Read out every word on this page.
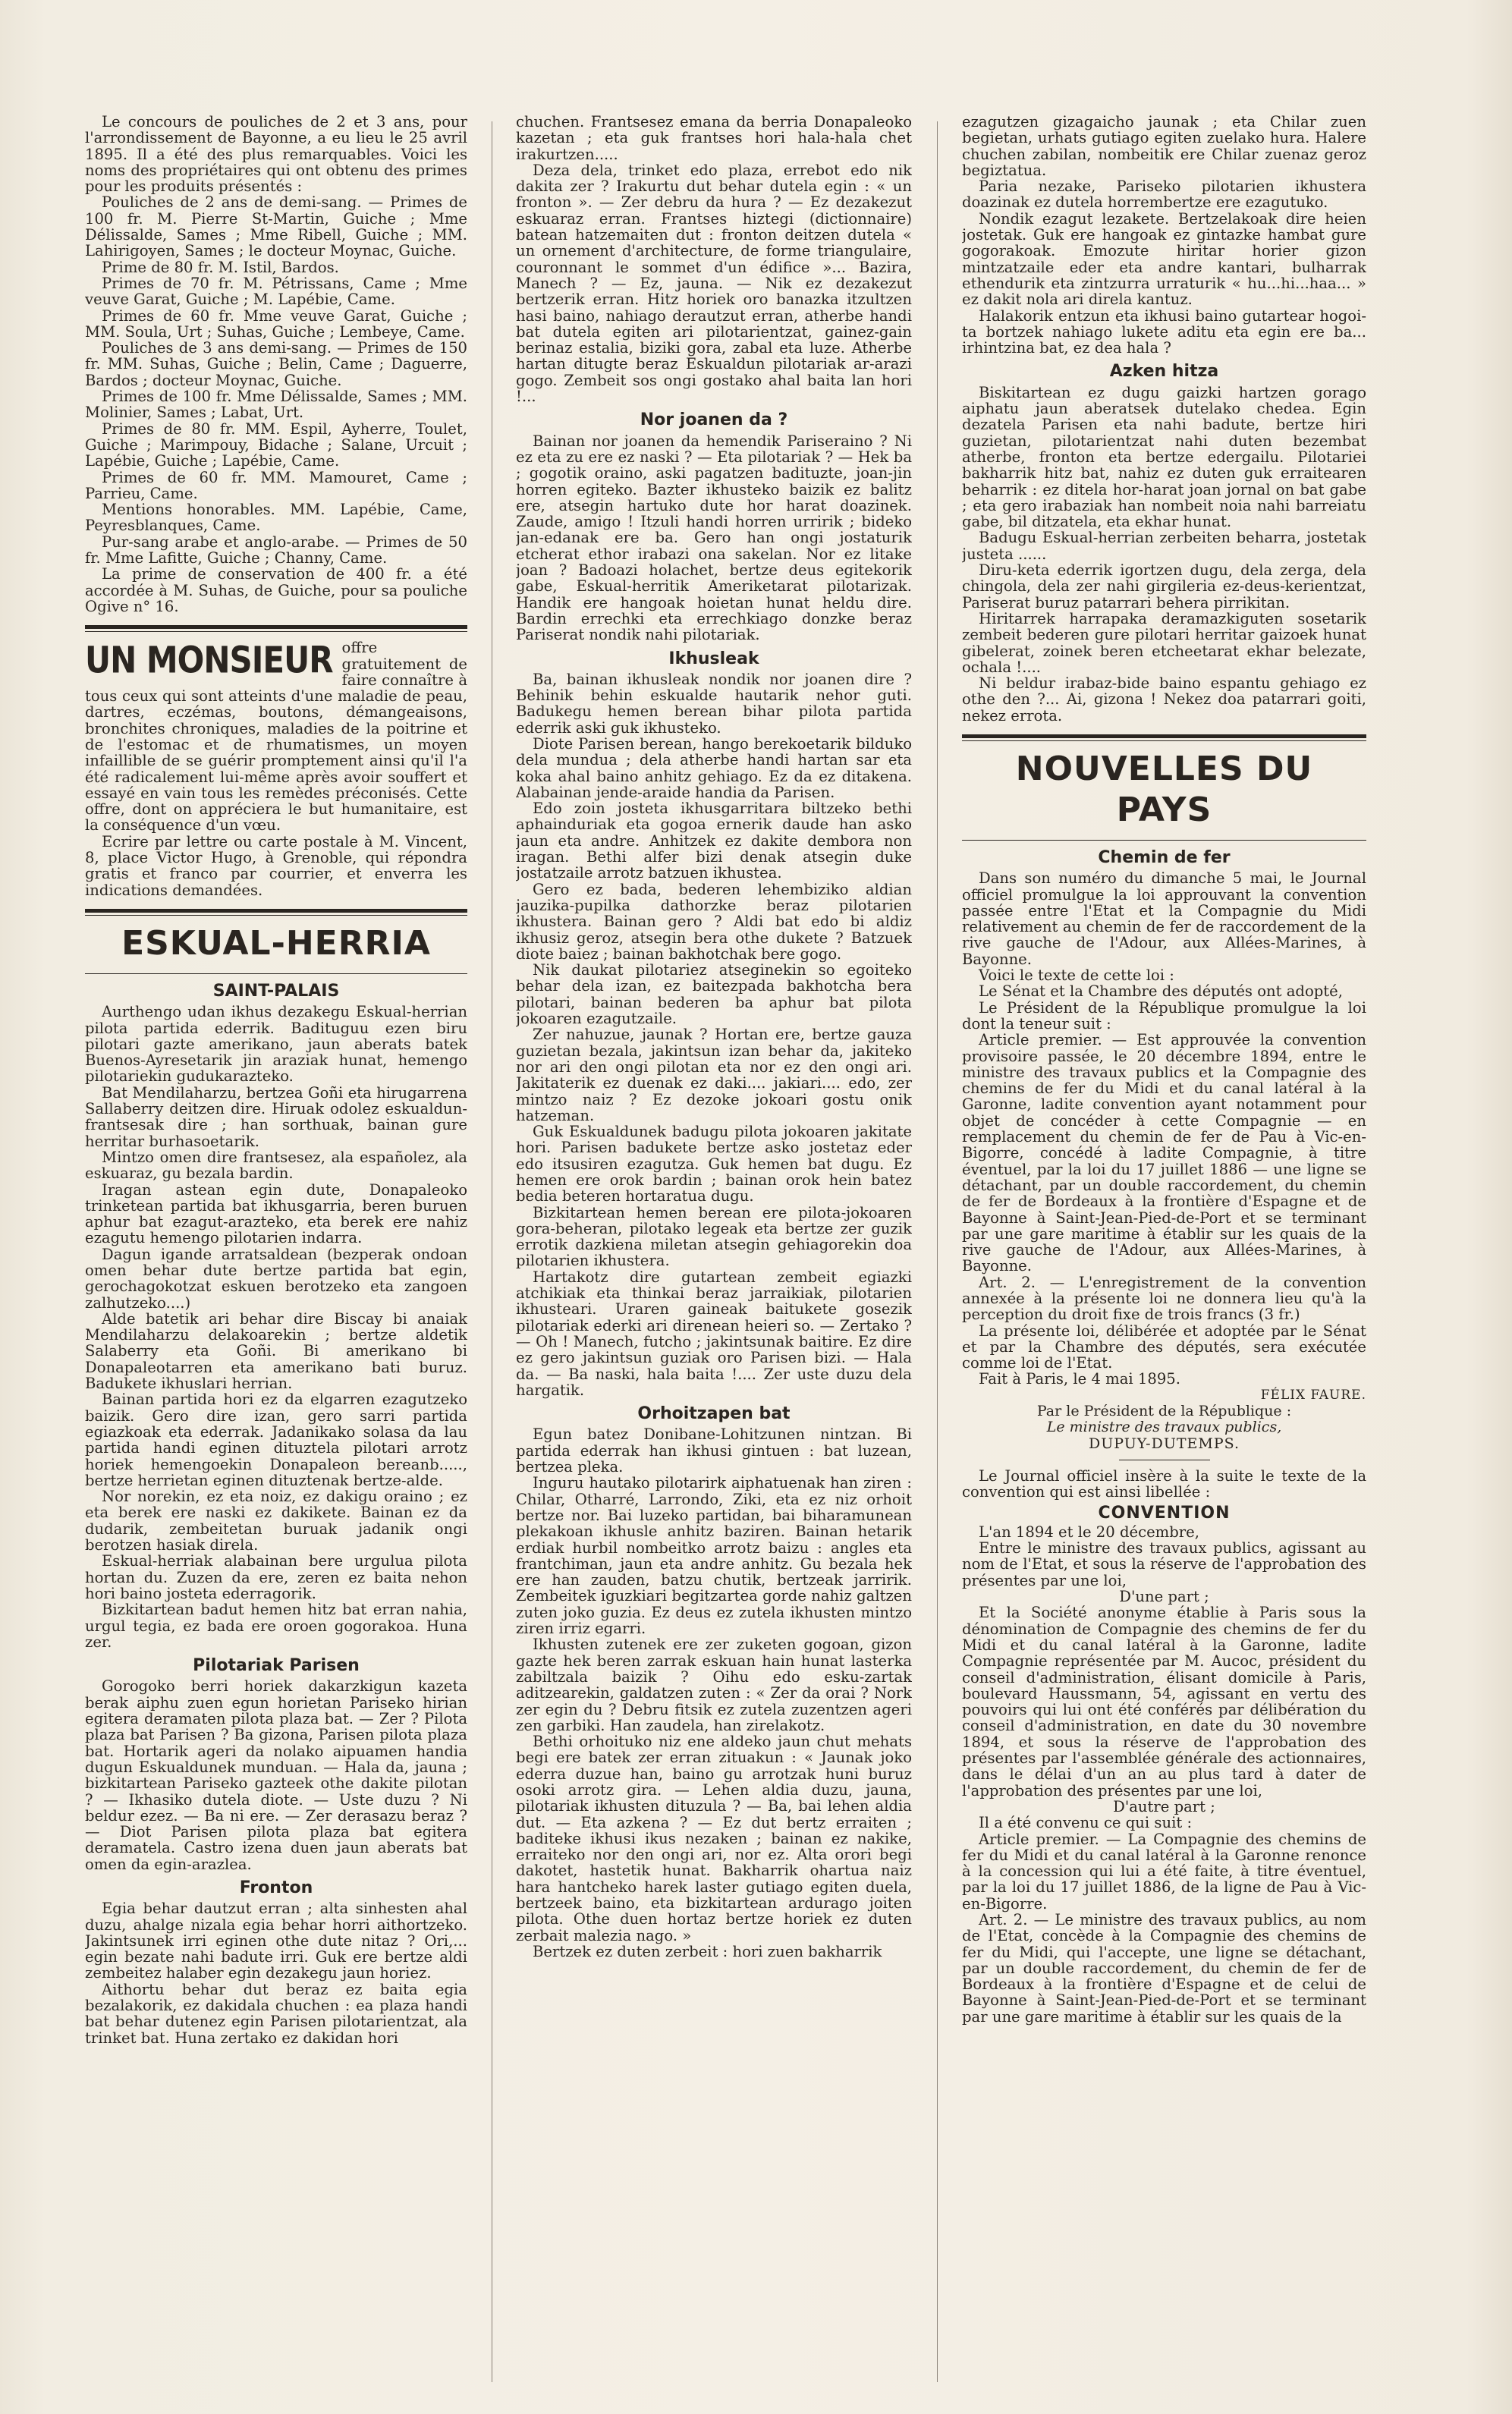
Le concours de pouliches de 2 et 3 ans, pour l'arrondissement de Bayonne, a eu lieu le 25 avril 1895. Il a été des plus remarquables. Voici les noms des propriétaires qui ont obtenu des primes pour les produits présentés :

Pouliches de 2 ans de demi-sang. — Primes de 100 fr. M. Pierre St-Martin, Guiche ; Mme Délissalde, Sames ; Mme Ribell, Guiche ; MM. Lahirigoyen, Sames ; le docteur Moynac, Guiche.

Prime de 80 fr. M. Istil, Bardos.

Primes de 70 fr. M. Pétrissans, Came ; Mme veuve Garat, Guiche ; M. Lapébie, Came.

Primes de 60 fr. Mme veuve Garat, Guiche ; MM. Soula, Urt ; Suhas, Guiche ; Lembeye, Came.

Pouliches de 3 ans demi-sang. — Primes de 150 fr. MM. Suhas, Guiche ; Belin, Came ; Daguerre, Bardos ; docteur Moynac, Guiche.

Primes de 100 fr. Mme Délissalde, Sames ; MM. Molinier, Sames ; Labat, Urt.

Primes de 80 fr. MM. Espil, Ayherre, Toulet, Guiche ; Marimpouy, Bidache ; Salane, Urcuit ; Lapébie, Guiche ; Lapébie, Came.

Primes de 60 fr. MM. Mamouret, Came ; Parrieu, Came.

Mentions honorables. MM. Lapébie, Came, Peyresblanques, Came.

Pur-sang arabe et anglo-arabe. — Primes de 50 fr. Mme Lafitte, Guiche ; Channy, Came.

La prime de conservation de 400 fr. a été accordée à M. Suhas, de Guiche, pour sa pouliche Ogive n° 16.

UN MONSIEUR offre gratuitement de faire connaître à tous ceux qui sont atteints d'une maladie de peau, dartres, eczémas, boutons, démangeaisons, bronchites chroniques, maladies de la poitrine et de l'estomac et de rhumatismes, un moyen infaillible de se guérir promptement ainsi qu'il l'a été radicalement lui-même après avoir souffert et essayé en vain tous les remèdes préconisés. Cette offre, dont on appréciera le but humanitaire, est la conséquence d'un vœu.

Ecrire par lettre ou carte postale à M. Vincent, 8, place Victor Hugo, à Grenoble, qui répondra gratis et franco par courrier, et enverra les indications demandées.

ESKUAL-HERRIA
SAINT-PALAIS

Aurthengo udan ikhus dezakegu Eskual-herrian pilota partida ederrik. Badituguu ezen biru pilotari gazte amerikano, jaun aberats batek Buenos-Ayresetarik jin araziak hunat, hemengo pilotariekin gudukarazteko.

Bat Mendilaharzu, bertzea Goñi eta hirugarrena Sallaberry deitzen dire. Hiruak odolez eskualdun-frantsesak dire ; han sorthuak, bainan gure herritar burhasoetarik.

Mintzo omen dire frantsesez, ala españolez, ala eskuaraz, gu bezala bardin.

Iragan astean egin dute, Donapaleoko trinketean partida bat ikhusgarria, beren buruen aphur bat ezagut-arazteko, eta berek ere nahiz ezagutu hemengo pilotarien indarra.

Dagun igande arratsaldean (bezperak ondoan omen behar dute bertze partida bat egin, gerochagokotzat eskuen berotzeko eta zangoen zalhutzeko....)

Alde batetik ari behar dire Biscay bi anaiak Mendilaharzu delakoarekin ; bertze aldetik Salaberry eta Goñi. Bi amerikano bi Donapaleotarren eta amerikano bati buruz. Badukete ikhuslari herrian.

Bainan partida hori ez da elgarren ezagutzeko baizik. Gero dire izan, gero sarri partida egiazkoak eta ederrak. Jadanikako solasa da lau partida handi eginen dituztela pilotari arrotz horiek hemengoekin Donapaleon bereanb....., bertze herrietan eginen dituztenak bertze-alde.

Nor norekin, ez eta noiz, ez dakigu oraino ; ez eta berek ere naski ez dakikete. Bainan ez da dudarik, zembeitetan buruak jadanik ongi berotzen hasiak direla.

Eskual-herriak alabainan bere urgulua pilota hortan du. Zuzen da ere, zeren ez baita nehon hori baino josteta ederragorik.

Bizkitartean badut hemen hitz bat erran nahia, urgul tegia, ez bada ere oroen gogorakoa. Huna zer.

Pilotariak Parisen

Gorogoko berri horiek dakarzkigun kazeta berak aiphu zuen egun horietan Pariseko hirian egitera deramaten pilota plaza bat. — Zer ? Pilota plaza bat Parisen ? Ba gizona, Parisen pilota plaza bat. Hortarik ageri da nolako aipuamen handia dugun Eskualdunek munduan. — Hala da, jauna ; bizkitartean Pariseko gazteek othe dakite pilotan ? — Ikhasiko dutela diote. — Uste duzu ? Ni beldur ezez. — Ba ni ere. — Zer derasazu beraz ? — Diot Parisen pilota plaza bat egitera deramatela. Castro izena duen jaun aberats bat omen da egin-arazlea.

Fronton

Egia behar dautzut erran ; alta sinhesten ahal duzu, ahalge nizala egia behar horri aithortzeko. Jakintsunek irri eginen othe dute nitaz ? Ori,... egin bezate nahi badute irri. Guk ere bertze aldi zembeitez halaber egin dezakegu jaun horiez.

Aithortu behar dut beraz ez baita egia bezalakorik, ez dakidala chuchen : ea plaza handi bat behar dutenez egin Parisen pilotarientzat, ala trinket bat. Huna zertako ez dakidan hori

chuchen. Frantsesez emana da berria Donapaleoko kazetan ; eta guk frantses hori hala-hala chet irakurtzen.....

Deza dela, trinket edo plaza, errebot edo nik dakita zer ? Irakurtu dut behar dutela egin : « un fronton ». — Zer debru da hura ? — Ez dezakezut eskuaraz erran. Frantses hiztegi (dictionnaire) batean hatzemaiten dut : fronton deitzen dutela « un ornement d'architecture, de forme triangulaire, couronnant le sommet d'un édifice »... Bazira, Manech ? — Ez, jauna. — Nik ez dezakezut bertzerik erran. Hitz horiek oro banazka itzultzen hasi baino, nahiago derautzut erran, atherbe handi bat dutela egiten ari pilotarientzat, gainez-gain berinaz estalia, biziki gora, zabal eta luze. Atherbe hartan ditugte beraz Eskualdun pilotariak ar-arazi gogo. Zembeit sos ongi gostako ahal baita lan hori !...

Nor joanen da ?

Bainan nor joanen da hemendik Pariseraino ? Ni ez eta zu ere ez naski ? — Eta pilotariak ? — Hek ba ; gogotik oraino, aski pagatzen badituzte, joan-jin horren egiteko. Bazter ikhusteko baizik ez balitz ere, atsegin hartuko dute hor harat doazinek. Zaude, amigo ! Itzuli handi horren urririk ; bideko jan-edanak ere ba. Gero han ongi jostaturik etcherat ethor irabazi ona sakelan. Nor ez litake joan ? Badoazi holachet, bertze deus egitekorik gabe, Eskual-herritik Ameriketarat pilotarizak. Handik ere hangoak hoietan hunat heldu dire. Bardin errechki eta errechkiago donzke beraz Pariserat nondik nahi pilotariak.

Ikhusleak

Ba, bainan ikhusleak nondik nor joanen dire ? Behinik behin eskualde hautarik nehor guti. Badukegu hemen berean bihar pilota partida ederrik aski guk ikhusteko.

Diote Parisen berean, hango berekoetarik bilduko dela mundua ; dela atherbe handi hartan sar eta koka ahal baino anhitz gehiago. Ez da ez ditakena. Alabainan jende-araide handia da Parisen.

Edo zoin josteta ikhusgarritara biltzeko bethi aphainduriak eta gogoa ernerik daude han asko jaun eta andre. Anhitzek ez dakite dembora non iragan. Bethi alfer bizi denak atsegin duke jostatzaile arrotz batzuen ikhustea.

Gero ez bada, bederen lehembiziko aldian jauzika-pupilka dathorzke beraz pilotarien ikhustera. Bainan gero ? Aldi bat edo bi aldiz ikhusiz geroz, atsegin bera othe dukete ? Batzuek diote baiez ; bainan bakhotchak bere gogo.

Nik daukat pilotariez atseginekin so egoiteko behar dela izan, ez baitezpada bakhotcha bera pilotari, bainan bederen ba aphur bat pilota jokoaren ezagutzaile.

Zer nahuzue, jaunak ? Hortan ere, bertze gauza guzietan bezala, jakintsun izan behar da, jakiteko nor ari den ongi pilotan eta nor ez den ongi ari. Jakitaterik ez duenak ez daki.... jakiari.... edo, zer mintzo naiz ? Ez dezoke jokoari gostu onik hatzeman.

Guk Eskualdunek badugu pilota jokoaren jakitate hori. Parisen badukete bertze asko jostetaz eder edo itsusiren ezagutza. Guk hemen bat dugu. Ez hemen ere orok bardin ; bainan orok hein batez bedia beteren hortaratua dugu.

Bizkitartean hemen berean ere pilota-jokoaren gora-beheran, pilotako legeak eta bertze zer guzik errotik dazkiena miletan atsegin gehiagorekin doa pilotarien ikhustera.

Hartakotz dire gutartean zembeit egiazki atchikiak eta thinkai beraz jarraikiak, pilotarien ikhusteari. Uraren gaineak baitukete gosezik pilotariak ederki ari direnean heieri so. — Zertako ? — Oh ! Manech, futcho ; jakintsunak baitire. Ez dire ez gero jakintsun guziak oro Parisen bizi. — Hala da. — Ba naski, hala baita !.... Zer uste duzu dela hargatik.

Orhoitzapen bat

Egun batez Donibane-Lohitzunen nintzan. Bi partida ederrak han ikhusi gintuen : bat luzean, bertzea pleka.

Inguru hautako pilotarirk aiphatuenak han ziren : Chilar, Otharré, Larrondo, Ziki, eta ez niz orhoit bertze nor. Bai luzeko partidan, bai biharamunean plekakoan ikhusle anhitz baziren. Bainan hetarik erdiak hurbil nombeitko arrotz baizu : angles eta frantchiman, jaun eta andre anhitz. Gu bezala hek ere han zauden, batzu chutik, bertzeak jarririk. Zembeitek iguzkiari begitzartea gorde nahiz galtzen zuten joko guzia. Ez deus ez zutela ikhusten mintzo ziren irriz egarri.

Ikhusten zutenek ere zer zuketen gogoan, gizon gazte hek beren zarrak eskuan hain hunat lasterka zabiltzala baizik ? Oihu edo esku-zartak aditzearekin, galdatzen zuten : « Zer da orai ? Nork zer egin du ? Debru fitsik ez zutela zuzentzen ageri zen garbiki. Han zaudela, han zirelakotz.

Bethi orhoituko niz ene aldeko jaun chut mehats begi ere batek zer erran zituakun : « Jaunak joko ederra duzue han, baino gu arrotzak huni buruz osoki arrotz gira. — Lehen aldia duzu, jauna, pilotariak ikhusten dituzula ? — Ba, bai lehen aldia dut. — Eta azkena ? — Ez dut bertz erraiten ; baditeke ikhusi ikus nezaken ; bainan ez nakike, erraiteko nor den ongi ari, nor ez. Alta orori begi dakotet, hastetik hunat. Bakharrik ohartua naiz hara hantcheko harek laster gutiago egiten duela, bertzeek baino, eta bizkitartean ardurago joiten pilota. Othe duen hortaz bertze horiek ez duten zerbait malezia nago. »

Bertzek ez duten zerbeit : hori zuen bakharrik

ezagutzen gizagaicho jaunak ; eta Chilar zuen begietan, urhats gutiago egiten zuelako hura. Halere chuchen zabilan, nombeitik ere Chilar zuenaz geroz begiztatua.

Paria nezake, Pariseko pilotarien ikhustera doazinak ez dutela horrembertze ere ezagutuko.

Nondik ezagut lezakete. Bertzelakoak dire heien jostetak. Guk ere hangoak ez gintazke hambat gure gogorakoak. Emozute hiritar horier gizon mintzatzaile eder eta andre kantari, bulharrak ethendurik eta zintzurra urraturik « hu...hi...haa... » ez dakit nola ari direla kantuz.

Halakorik entzun eta ikhusi baino gutartear hogoi-ta bortzek nahiago lukete aditu eta egin ere ba... irhintzina bat, ez dea hala ?

Azken hitza

Biskitartean ez dugu gaizki hartzen gorago aiphatu jaun aberatsek dutelako chedea. Egin dezatela Parisen eta nahi badute, bertze hiri guzietan, pilotarientzat nahi duten bezembat atherbe, fronton eta bertze edergailu. Pilotariei bakharrik hitz bat, nahiz ez duten guk erraitearen beharrik : ez ditela hor-harat joan jornal on bat gabe ; eta gero irabaziak han nombeit noia nahi barreiatu gabe, bil ditzatela, eta ekhar hunat.

Badugu Eskual-herrian zerbeiten beharra, jostetak justeta ......

Diru-keta ederrik igortzen dugu, dela zerga, dela chingola, dela zer nahi girgileria ez-deus-kerientzat, Pariserat buruz patarrari behera pirrikitan.

Hiritarrek harrapaka deramazkiguten sosetarik zembeit bederen gure pilotari herritar gaizoek hunat gibelerat, zoinek beren etcheetarat ekhar belezate, ochala !....

Ni beldur irabaz-bide baino espantu gehiago ez othe den ?... Ai, gizona ! Nekez doa patarrari goiti, nekez errota.

NOUVELLES DU PAYS
Chemin de fer

Dans son numéro du dimanche 5 mai, le Journal officiel promulgue la loi approuvant la convention passée entre l'Etat et la Compagnie du Midi relativement au chemin de fer de raccordement de la rive gauche de l'Adour, aux Allées-Marines, à Bayonne.

Voici le texte de cette loi :

Le Sénat et la Chambre des députés ont adopté,

Le Président de la République promulgue la loi dont la teneur suit :

Article premier. — Est approuvée la convention provisoire passée, le 20 décembre 1894, entre le ministre des travaux publics et la Compagnie des chemins de fer du Midi et du canal latéral à la Garonne, ladite convention ayant notamment pour objet de concéder à cette Compagnie — en remplacement du chemin de fer de Pau à Vic-en-Bigorre, concédé à ladite Compagnie, à titre éventuel, par la loi du 17 juillet 1886 — une ligne se détachant, par un double raccordement, du chemin de fer de Bordeaux à la frontière d'Espagne et de Bayonne à Saint-Jean-Pied-de-Port et se terminant par une gare maritime à établir sur les quais de la rive gauche de l'Adour, aux Allées-Marines, à Bayonne.

Art. 2. — L'enregistrement de la convention annexée à la présente loi ne donnera lieu qu'à la perception du droit fixe de trois francs (3 fr.)

La présente loi, délibérée et adoptée par le Sénat et par la Chambre des députés, sera exécutée comme loi de l'Etat.

Fait à Paris, le 4 mai 1895.

FÉLIX FAURE.
Par le Président de la République :
Le ministre des travaux publics,
DUPUY-DUTEMPS.

Le Journal officiel insère à la suite le texte de la convention qui est ainsi libellée :

CONVENTION

L'an 1894 et le 20 décembre,

Entre le ministre des travaux publics, agissant au nom de l'Etat, et sous la réserve de l'approbation des présentes par une loi,

D'une part ;

Et la Société anonyme établie à Paris sous la dénomination de Compagnie des chemins de fer du Midi et du canal latéral à la Garonne, ladite Compagnie représentée par M. Aucoc, président du conseil d'administration, élisant domicile à Paris, boulevard Haussmann, 54, agissant en vertu des pouvoirs qui lui ont été conférés par délibération du conseil d'administration, en date du 30 novembre 1894, et sous la réserve de l'approbation des présentes par l'assemblée générale des actionnaires, dans le délai d'un an au plus tard à dater de l'approbation des présentes par une loi,

D'autre part ;

Il a été convenu ce qui suit :

Article premier. — La Compagnie des chemins de fer du Midi et du canal latéral à la Garonne renonce à la concession qui lui a été faite, à titre éventuel, par la loi du 17 juillet 1886, de la ligne de Pau à Vic-en-Bigorre.

Art. 2. — Le ministre des travaux publics, au nom de l'Etat, concède à la Compagnie des chemins de fer du Midi, qui l'accepte, une ligne se détachant, par un double raccordement, du chemin de fer de Bordeaux à la frontière d'Espagne et de celui de Bayonne à Saint-Jean-Pied-de-Port et se terminant par une gare maritime à établir sur les quais de la
